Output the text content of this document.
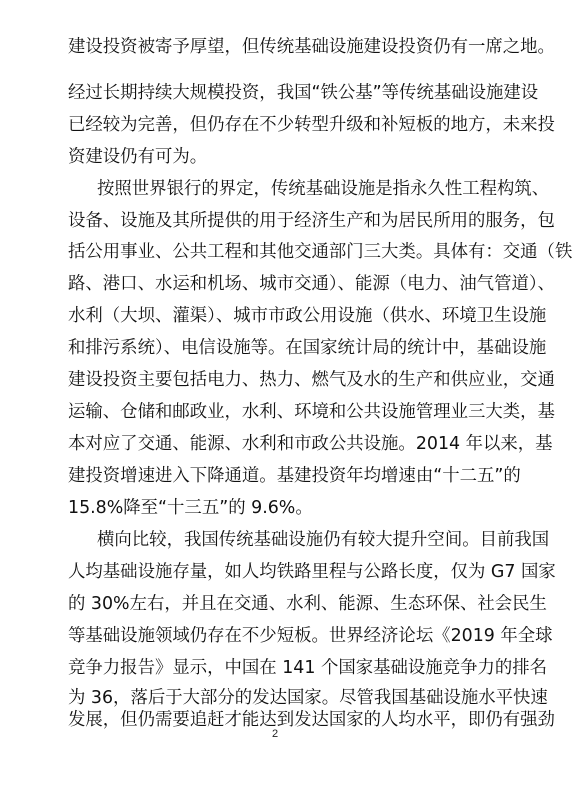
建设投资被寄予厚望，但传统基础设施建设投资仍有一席之地。
经过长期持续大规模投资，我国“铁公基”等传统基础设施建设
已经较为完善，但仍存在不少转型升级和补短板的地方，未来投
资建设仍有可为。
按照世界银行的界定，传统基础设施是指永久性工程构筑、
设备、设施及其所提供的用于经济生产和为居民所用的服务，包
括公用事业、公共工程和其他交通部门三大类。具体有：交通（铁
路、港口、水运和机场、城市交通）、能源（电力、油气管道）、
水利（大坝、灌渠）、城市市政公用设施（供水、环境卫生设施
和排污系统）、电信设施等。在国家统计局的统计中，基础设施
建设投资主要包括电力、热力、燃气及水的生产和供应业，交通
运输、仓储和邮政业，水利、环境和公共设施管理业三大类，基
本对应了交通、能源、水利和市政公共设施。2014 年以来，基
建投资增速进入下降通道。基建投资年均增速由“十二五”的
15.8%降至“十三五”的 9.6%。
横向比较，我国传统基础设施仍有较大提升空间。目前我国
人均基础设施存量，如人均铁路里程与公路长度，仅为 G7 国家
的 30%左右，并且在交通、水利、能源、生态环保、社会民生
等基础设施领域仍存在不少短板。世界经济论坛《2019 年全球
竞争力报告》显示，中国在 141 个国家基础设施竞争力的排名
为 36，落后于大部分的发达国家。尽管我国基础设施水平快速
发展，但仍需要追赶才能达到发达国家的人均水平，即仍有强劲
2
